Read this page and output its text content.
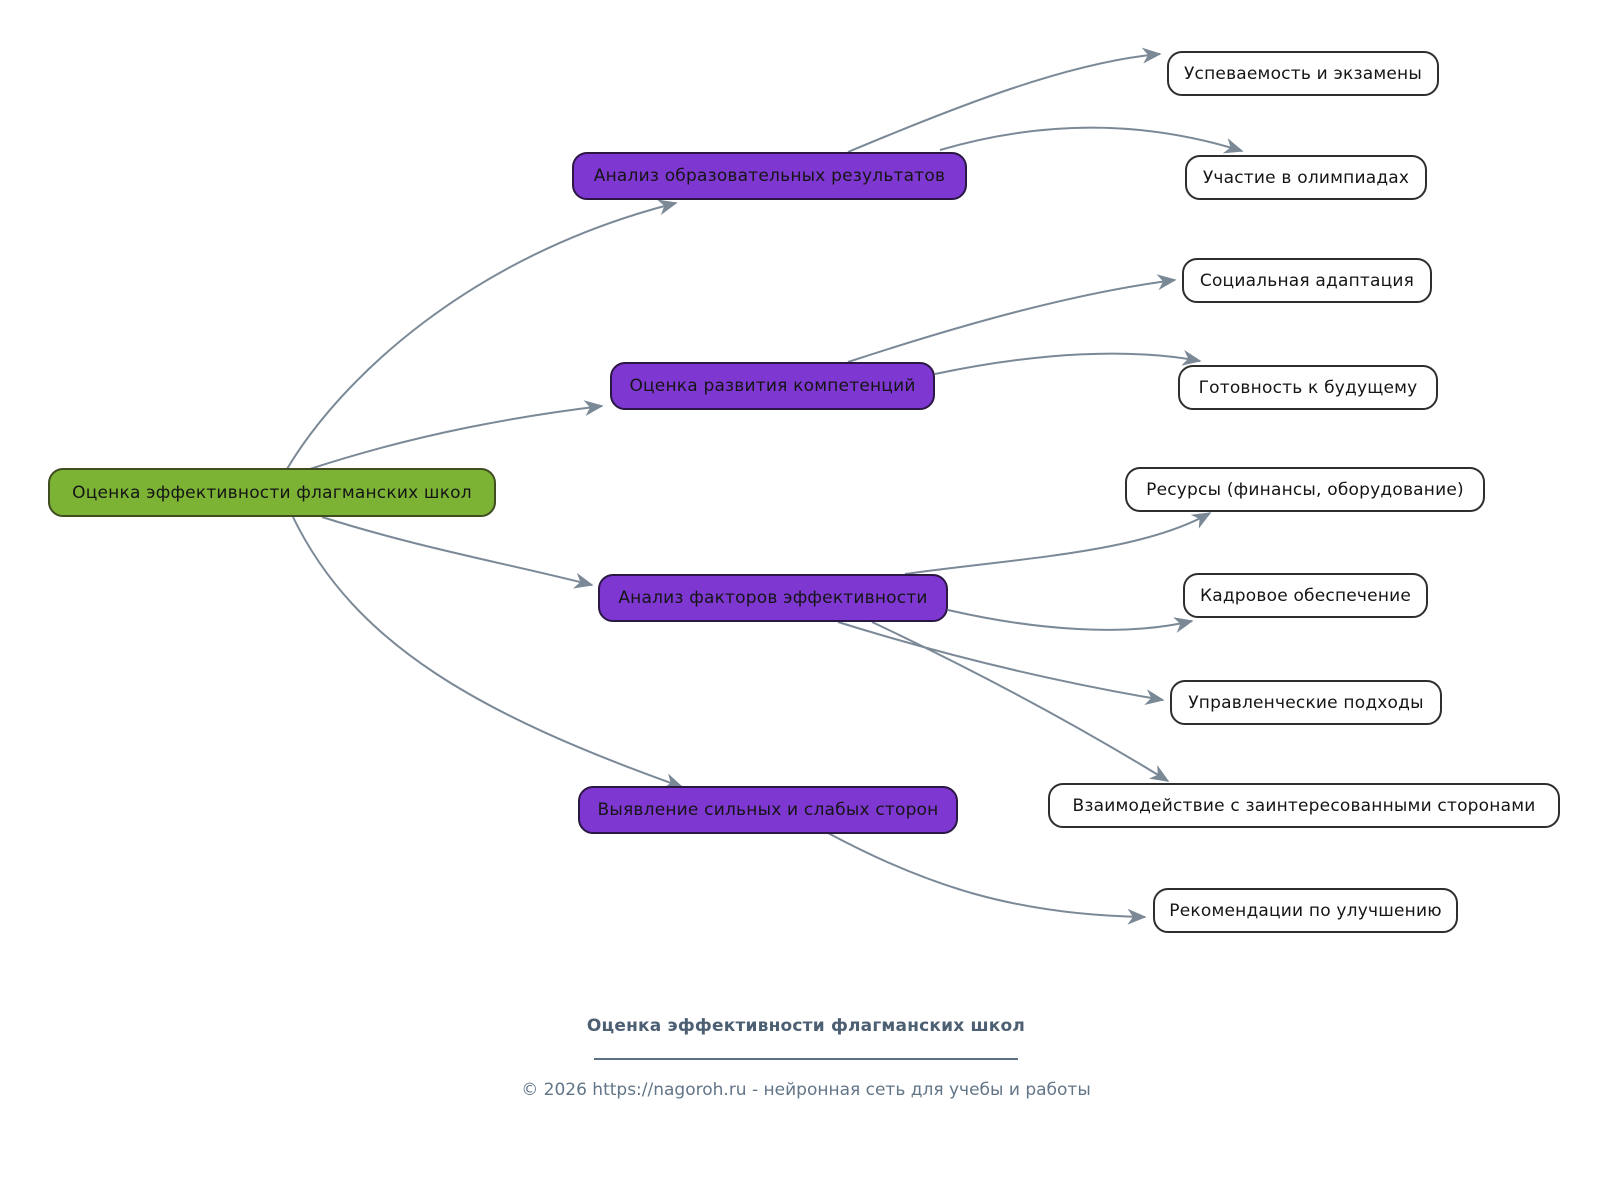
Оценка эффективности флагманских школ
Анализ образовательных результатов
Оценка развития компетенций
Анализ факторов эффективности
Выявление сильных и слабых сторон
Успеваемость и экзамены
Участие в олимпиадах
Социальная адаптация
Готовность к будущему
Ресурсы (финансы, оборудование)
Кадровое обеспечение
Управленческие подходы
Взаимодействие с заинтересованными сторонами
Рекомендации по улучшению
Оценка эффективности флагманских школ
© 2026 https://nagoroh.ru - нейронная сеть для учебы и работы
